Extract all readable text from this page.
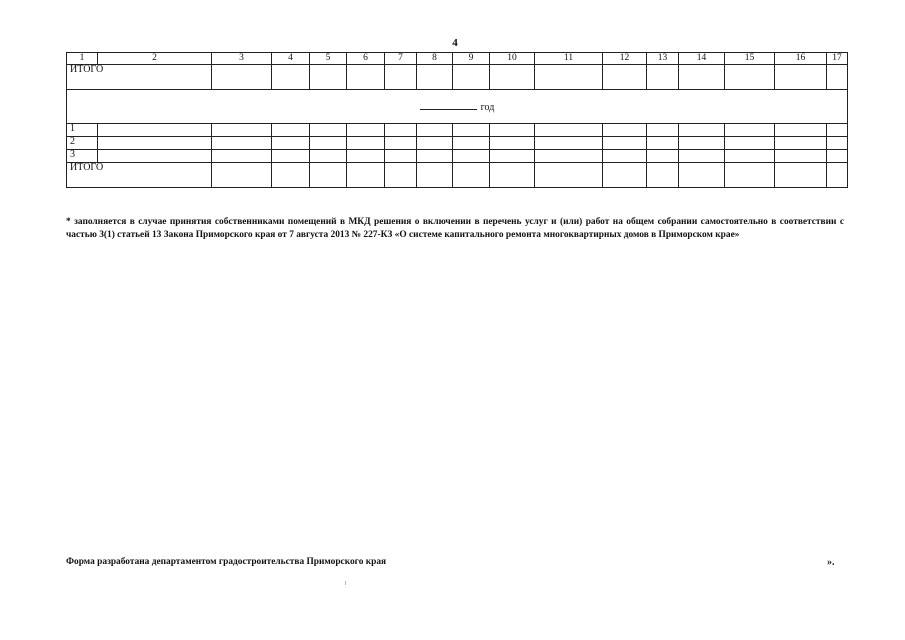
4
1	2	3	4	5	6	7	8	9	10	11	12	13	14	15	16	17
ИТОГО																
год																
1																
2																
3																
ИТОГО																
* заполняется в случае принятия собственниками помещений в МКД решения о включении в перечень услуг и (или) работ на общем собрании самостоятельно в соответствии с частью 3(1) статьей 13 Закона Приморского края от 7 августа 2013 № 227-КЗ «О системе капитального ремонта многоквартирных домов в Приморском крае»
Форма разработана департаментом градостроительства Приморского края	».
